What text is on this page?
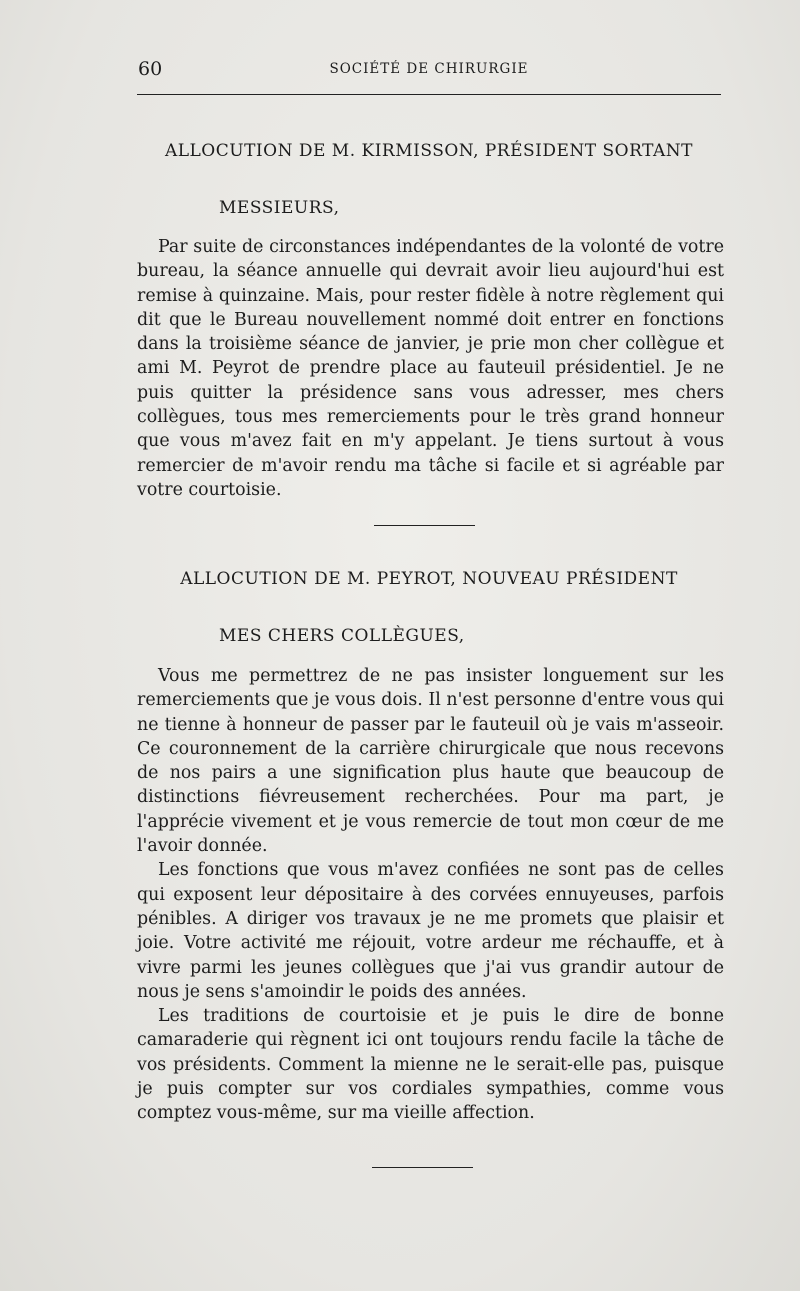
60	SOCIÉTÉ DE CHIRURGIE
ALLOCUTION DE M. KIRMISSON, PRÉSIDENT SORTANT
MESSIEURS,

Par suite de circonstances indépendantes de la volonté de votre bureau, la séance annuelle qui devrait avoir lieu aujourd'hui est remise à quinzaine. Mais, pour rester fidèle à notre règlement qui dit que le Bureau nouvellement nommé doit entrer en fonctions dans la troisième séance de janvier, je prie mon cher collègue et ami M. Peyrot de prendre place au fauteuil présidentiel. Je ne puis quitter la présidence sans vous adresser, mes chers collègues, tous mes remerciements pour le très grand honneur que vous m'avez fait en m'y appelant. Je tiens surtout à vous remercier de m'avoir rendu ma tâche si facile et si agréable par votre courtoisie.

ALLOCUTION DE M. PEYROT, NOUVEAU PRÉSIDENT
MES CHERS COLLÈGUES,

Vous me permettrez de ne pas insister longuement sur les remerciements que je vous dois. Il n'est personne d'entre vous qui ne tienne à honneur de passer par le fauteuil où je vais m'asseoir. Ce couronnement de la carrière chirurgicale que nous recevons de nos pairs a une signification plus haute que beaucoup de distinctions fiévreusement recherchées. Pour ma part, je l'apprécie vivement et je vous remercie de tout mon cœur de me l'avoir donnée.

Les fonctions que vous m'avez confiées ne sont pas de celles qui exposent leur dépositaire à des corvées ennuyeuses, parfois pénibles. A diriger vos travaux je ne me promets que plaisir et joie. Votre activité me réjouit, votre ardeur me réchauffe, et à vivre parmi les jeunes collègues que j'ai vus grandir autour de nous je sens s'amoindir le poids des années.

Les traditions de courtoisie et je puis le dire de bonne camaraderie qui règnent ici ont toujours rendu facile la tâche de vos présidents. Comment la mienne ne le serait-elle pas, puisque je puis compter sur vos cordiales sympathies, comme vous comptez vous-même, sur ma vieille affection.
